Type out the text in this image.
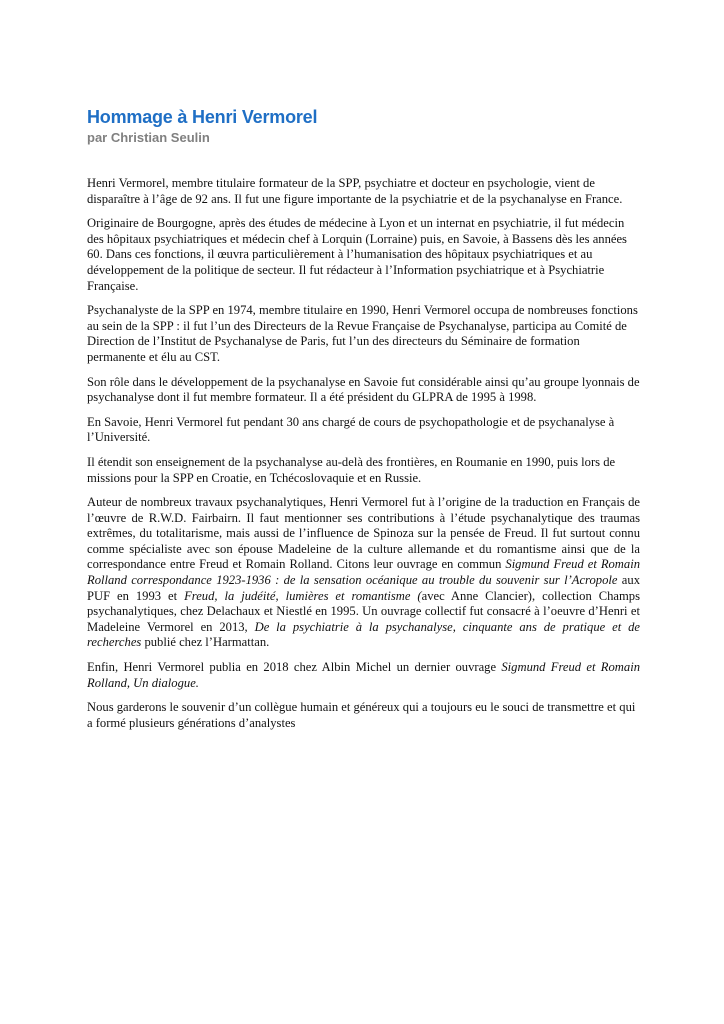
Hommage à Henri Vermorel
par Christian Seulin

Henri Vermorel, membre titulaire formateur de la SPP, psychiatre et docteur en psychologie, vient de disparaître à l’âge de 92 ans. Il fut une figure importante de la psychiatrie et de la psychanalyse en France.

Originaire de Bourgogne, après des études de médecine à Lyon et un internat en psychiatrie, il fut médecin des hôpitaux psychiatriques et médecin chef à Lorquin (Lorraine) puis, en Savoie, à Bassens dès les années 60. Dans ces fonctions, il œuvra particulièrement à l’humanisation des hôpitaux psychiatriques et au développement de la politique de secteur. Il fut rédacteur à l’Information psychiatrique et à Psychiatrie Française.

Psychanalyste de la SPP en 1974, membre titulaire en 1990, Henri Vermorel occupa de nombreuses fonctions au sein de la SPP : il fut l’un des Directeurs de la Revue Française de Psychanalyse, participa au Comité de Direction de l’Institut de Psychanalyse de Paris, fut l’un des directeurs du Séminaire de formation permanente et élu au CST.

Son rôle dans le développement de la psychanalyse en Savoie fut considérable ainsi qu’au groupe lyonnais de psychanalyse dont il fut membre formateur. Il a été président du GLPRA de 1995 à 1998.

En Savoie, Henri Vermorel fut pendant 30 ans chargé de cours de psychopathologie et de psychanalyse à l’Université.

Il étendit son enseignement de la psychanalyse au-delà des frontières, en Roumanie en 1990, puis lors de missions pour la SPP en Croatie, en Tchécoslovaquie et en Russie.

Auteur de nombreux travaux psychanalytiques, Henri Vermorel fut à l’origine de la traduction en Français de l’œuvre de R.W.D. Fairbairn. Il faut mentionner ses contributions à l’étude psychanalytique des traumas extrêmes, du totalitarisme, mais aussi de l’influence de Spinoza sur la pensée de Freud. Il fut surtout connu comme spécialiste avec son épouse Madeleine de la culture allemande et du romantisme ainsi que de la correspondance entre Freud et Romain Rolland. Citons leur ouvrage en commun Sigmund Freud et Romain Rolland correspondance 1923-1936 : de la sensation océanique au trouble du souvenir sur l’Acropole aux PUF en 1993 et Freud, la judéité, lumières et romantisme (avec Anne Clancier), collection Champs psychanalytiques, chez Delachaux et Niestlé en 1995. Un ouvrage collectif fut consacré à l’oeuvre d’Henri et Madeleine Vermorel en 2013, De la psychiatrie à la psychanalyse, cinquante ans de pratique et de recherches publié chez l’Harmattan.

Enfin, Henri Vermorel publia en 2018 chez Albin Michel un dernier ouvrage Sigmund Freud et Romain Rolland, Un dialogue.

Nous garderons le souvenir d’un collègue humain et généreux qui a toujours eu le souci de transmettre et qui a formé plusieurs générations d’analystes
